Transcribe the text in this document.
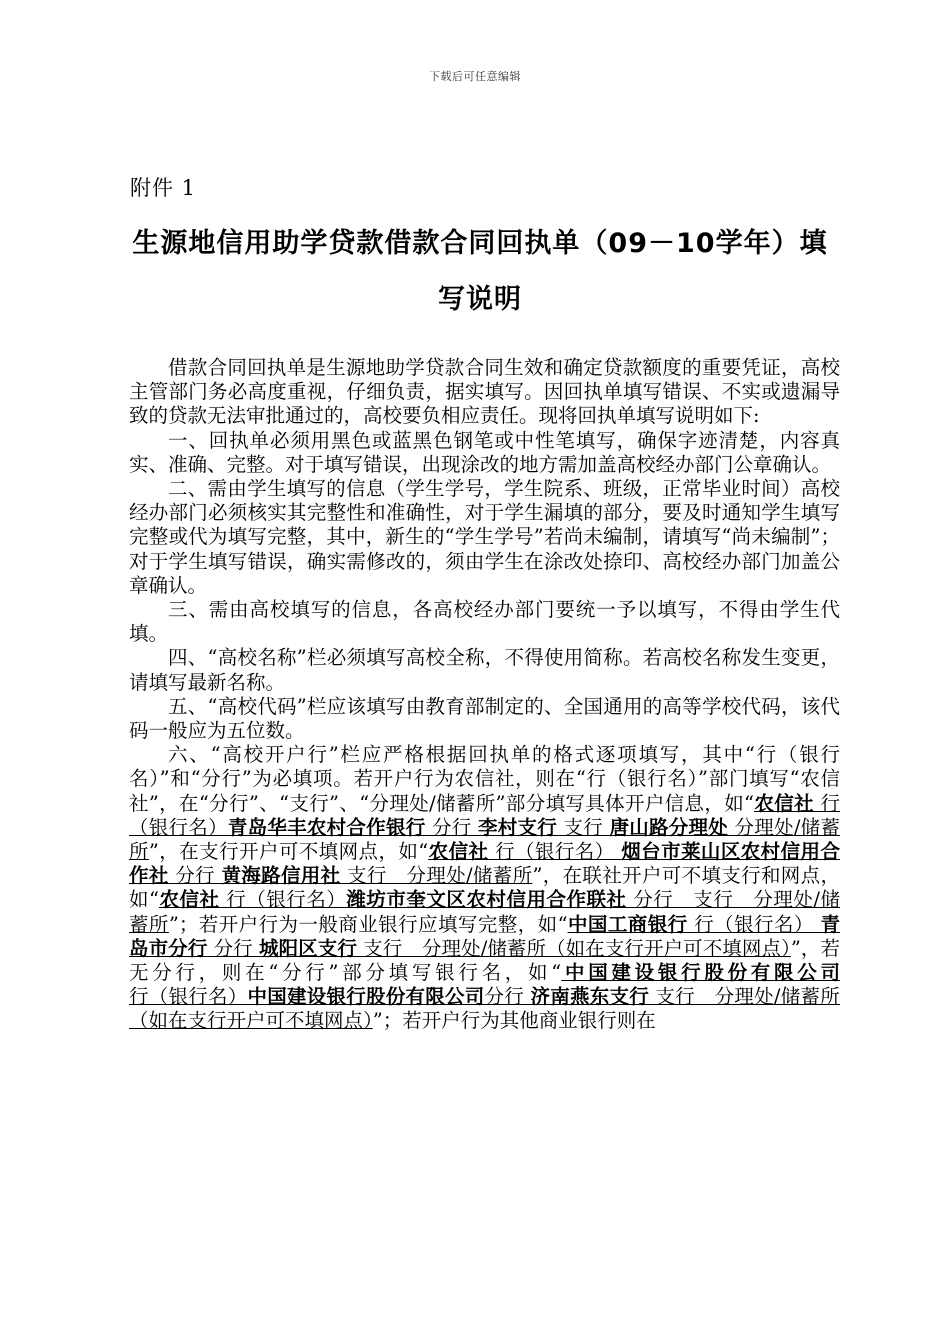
下载后可任意编辑
附件 1
生源地信用助学贷款借款合同回执单（09－10学年）填写说明

借款合同回执单是生源地助学贷款合同生效和确定贷款额度的重要凭证，高校主管部门务必高度重视，仔细负责，据实填写。因回执单填写错误、不实或遗漏导致的贷款无法审批通过的，高校要负相应责任。现将回执单填写说明如下:

一、回执单必须用黑色或蓝黑色钢笔或中性笔填写，确保字迹清楚，内容真实、准确、完整。对于填写错误，出现涂改的地方需加盖高校经办部门公章确认。

二、需由学生填写的信息（学生学号，学生院系、班级，正常毕业时间）高校经办部门必须核实其完整性和准确性，对于学生漏填的部分，要及时通知学生填写完整或代为填写完整，其中，新生的“学生学号”若尚未编制，请填写“尚未编制”；对于学生填写错误，确实需修改的，须由学生在涂改处捺印、高校经办部门加盖公章确认。

三、需由高校填写的信息，各高校经办部门要统一予以填写，不得由学生代填。

四、“高校名称”栏必须填写高校全称，不得使用简称。若高校名称发生变更，请填写最新名称。

五、“高校代码”栏应该填写由教育部制定的、全国通用的高等学校代码，该代码一般应为五位数。

六、“高校开户行”栏应严格根据回执单的格式逐项填写，其中“行（银行名）”和“分行”为必填项。若开户行为农信社，则在“行（银行名）”部门填写“农信社”，在“分行”、“支行”、“分理处/储蓄所”部分填写具体开户信息，如“农信社 行（银行名）青岛华丰农村合作银行 分行 李村支行 支行 唐山路分理处 分理处/储蓄所”，在支行开户可不填网点，如“农信社 行（银行名） 烟台市莱山区农村信用合作社 分行 黄海路信用社 支行　分理处/储蓄所”，在联社开户可不填支行和网点，如“农信社 行（银行名）潍坊市奎文区农村信用合作联社 分行　支行　分理处/储蓄所”；若开户行为一般商业银行应填写完整，如“中国工商银行 行（银行名） 青岛市分行 分行 城阳区支行 支行　分理处/储蓄所（如在支行开户可不填网点）”，若无分行，则在“分行”部分填写银行名，如“中国建设银行股份有限公司 行（银行名）中国建设银行股份有限公司分行 济南燕东支行 支行　分理处/储蓄所（如在支行开户可不填网点）”；若开户行为其他商业银行则在
